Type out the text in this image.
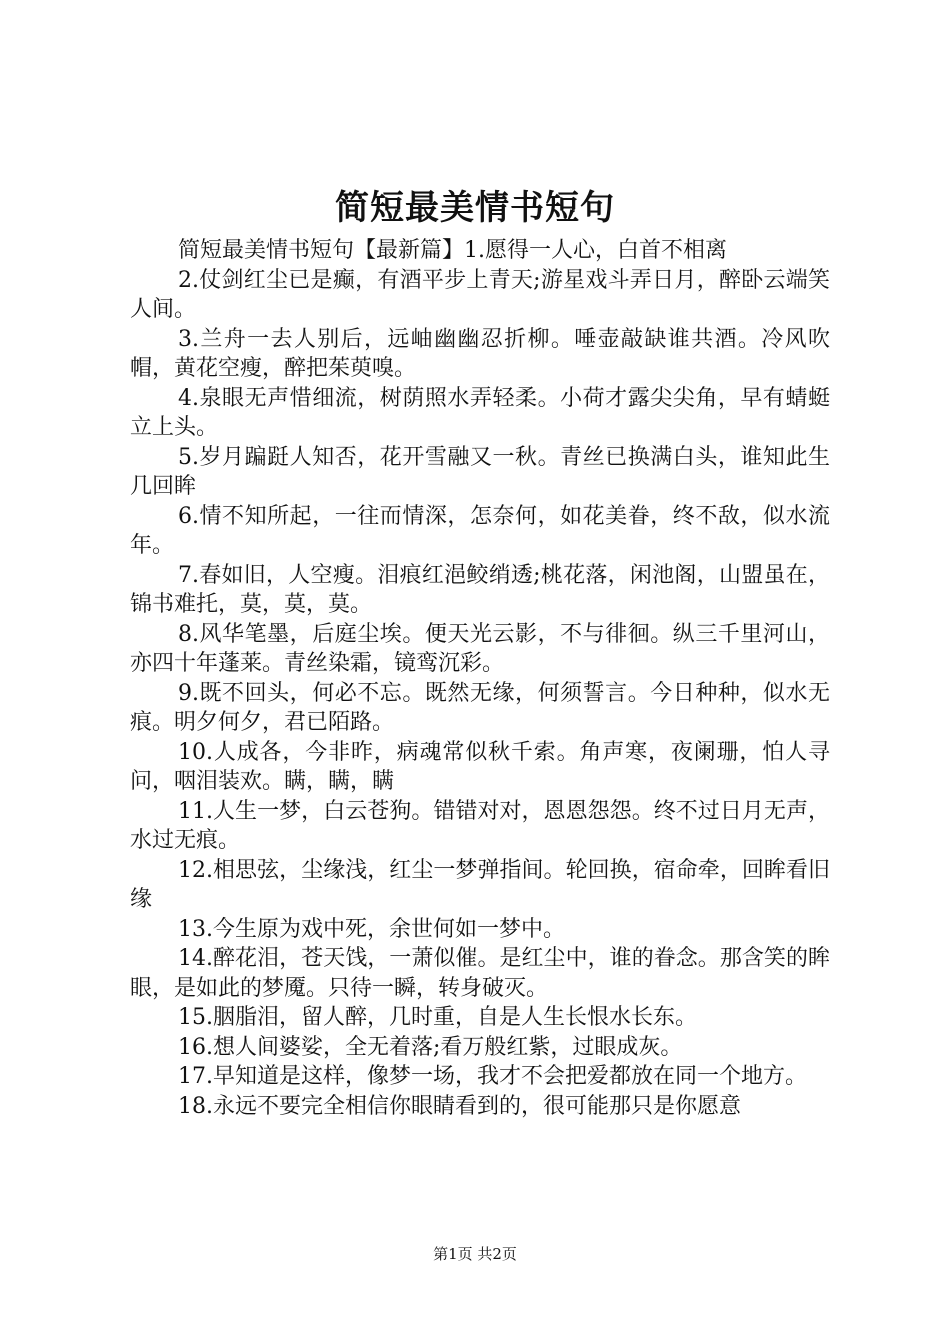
简短最美情书短句

简短最美情书短句【最新篇】1.愿得一人心，白首不相离

2.仗剑红尘已是癫，有酒平步上青天;游星戏斗弄日月，醉卧云端笑人间。

3.兰舟一去人别后，远岫幽幽忍折柳。唾壶敲缺谁共酒。冷风吹帽，黄花空瘦，醉把茱萸嗅。

4.泉眼无声惜细流，树荫照水弄轻柔。小荷才露尖尖角，早有蜻蜓立上头。

5.岁月蹁跹人知否，花开雪融又一秋。青丝已换满白头，谁知此生几回眸

6.情不知所起，一往而情深，怎奈何，如花美眷，终不敌，似水流年。

7.春如旧，人空瘦。泪痕红浥鲛绡透;桃花落，闲池阁，山盟虽在，锦书难托，莫，莫，莫。

8.风华笔墨，后庭尘埃。便天光云影，不与徘徊。纵三千里河山，亦四十年蓬莱。青丝染霜，镜鸾沉彩。

9.既不回头，何必不忘。既然无缘，何须誓言。今日种种，似水无痕。明夕何夕，君已陌路。

10.人成各，今非昨，病魂常似秋千索。角声寒，夜阑珊，怕人寻问，咽泪装欢。瞒，瞒，瞒

11.人生一梦，白云苍狗。错错对对，恩恩怨怨。终不过日月无声，水过无痕。

12.相思弦，尘缘浅，红尘一梦弹指间。轮回换，宿命牵，回眸看旧缘

13.今生原为戏中死，余世何如一梦中。

14.醉花泪，苍天饯，一萧似催。是红尘中，谁的眷念。那含笑的眸眼，是如此的梦魇。只待一瞬，转身破灭。

15.胭脂泪，留人醉，几时重，自是人生长恨水长东。

16.想人间婆娑，全无着落;看万般红紫，过眼成灰。

17.早知道是这样，像梦一场，我才不会把爱都放在同一个地方。

18.永远不要完全相信你眼睛看到的，很可能那只是你愿意

第1页 共2页
